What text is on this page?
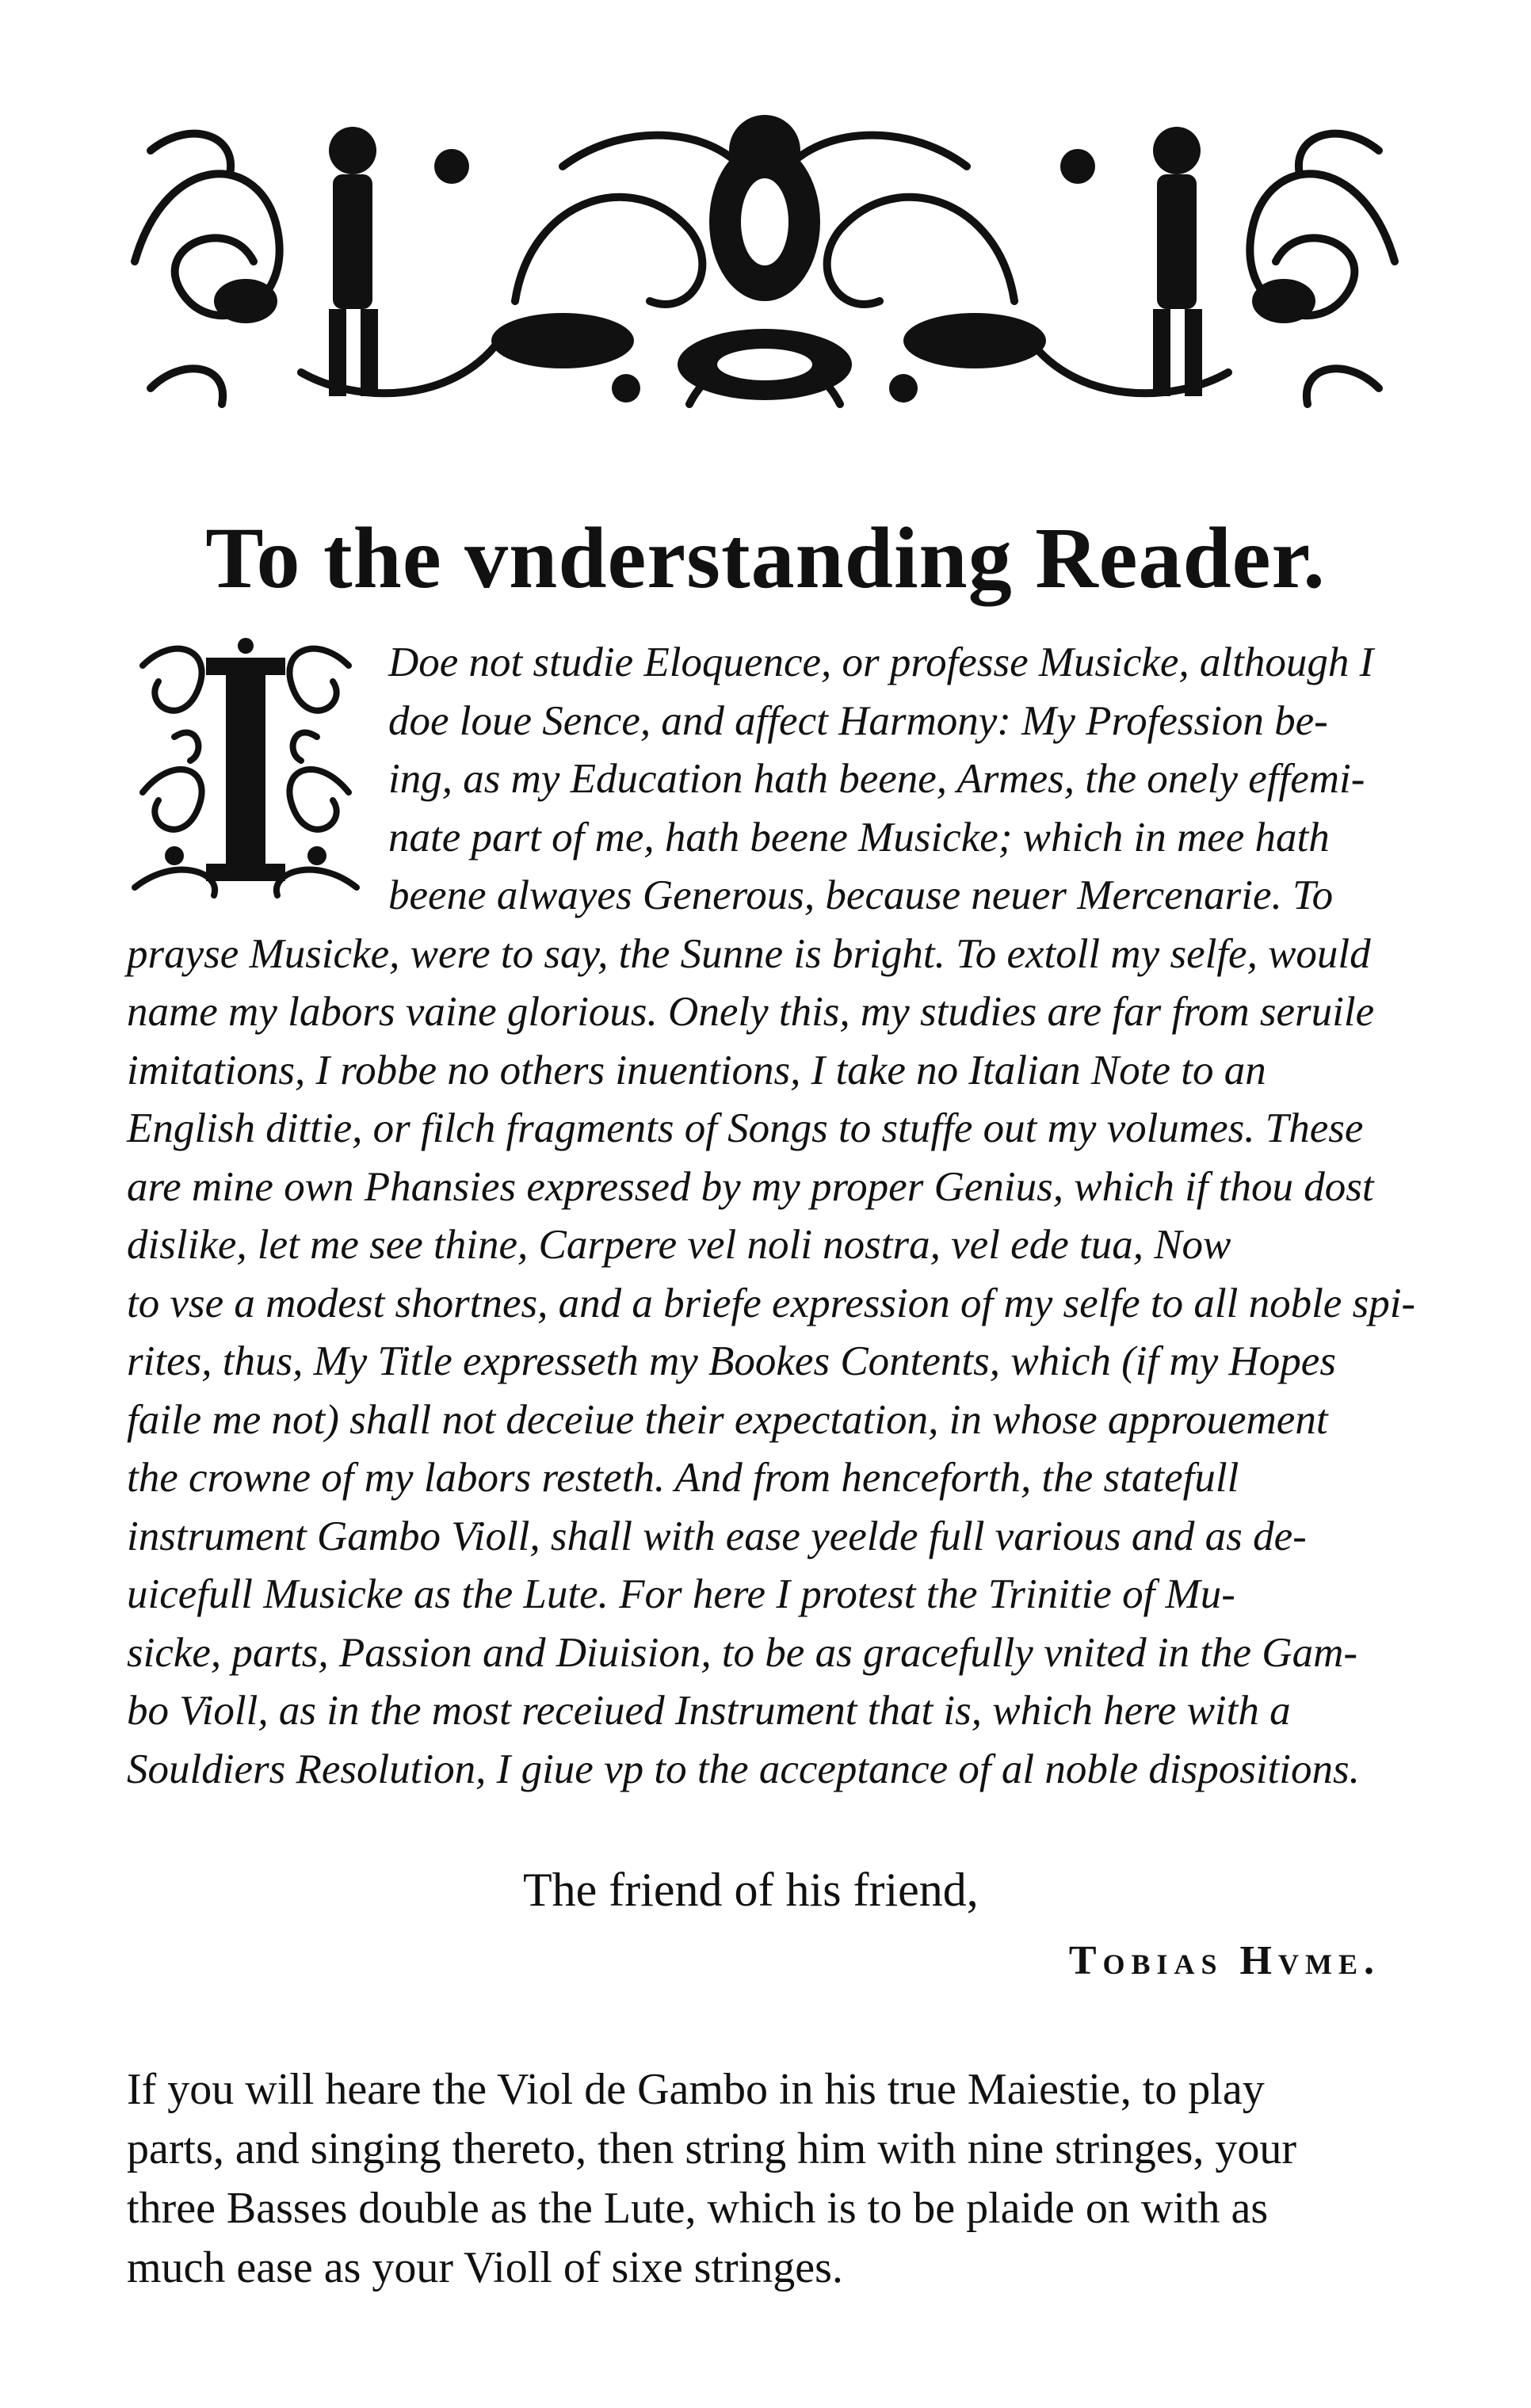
To the vnderstanding Reader.
Doe not studie Eloquence, or professe Musicke, although I
doe loue Sence, and affect Harmony: My Profession be-
ing, as my Education hath beene, Armes, the onely effemi-
nate part of me, hath beene Musicke; which in mee hath
beene alwayes Generous, because neuer Mercenarie. To
prayse Musicke, were to say, the Sunne is bright. To extoll my selfe, would
name my labors vaine glorious. Onely this, my studies are far from seruile
imitations, I robbe no others inuentions, I take no Italian Note to an
English dittie, or filch fragments of Songs to stuffe out my volumes. These
are mine own Phansies expressed by my proper Genius, which if thou dost
dislike, let me see thine, Carpere vel noli nostra, vel ede tua, Now
to vse a modest shortnes, and a briefe expression of my selfe to all noble spi-
rites, thus, My Title expresseth my Bookes Contents, which (if my Hopes
faile me not) shall not deceiue their expectation, in whose approuement
the crowne of my labors resteth. And from henceforth, the statefull
instrument Gambo Violl, shall with ease yeelde full various and as de-
uicefull Musicke as the Lute. For here I protest the Trinitie of Mu-
sicke, parts, Passion and Diuision, to be as gracefully vnited in the Gam-
bo Violl, as in the most receiued Instrument that is, which here with a
Souldiers Resolution, I giue vp to the acceptance of al noble dispositions.
The friend of his friend,
Tobias Hvme.
If you will heare the Viol de Gambo in his true Maiestie, to play
parts, and singing thereto, then string him with nine stringes, your
three Basses double as the Lute, which is to be plaide on with as
much ease as your Violl of sixe stringes.
